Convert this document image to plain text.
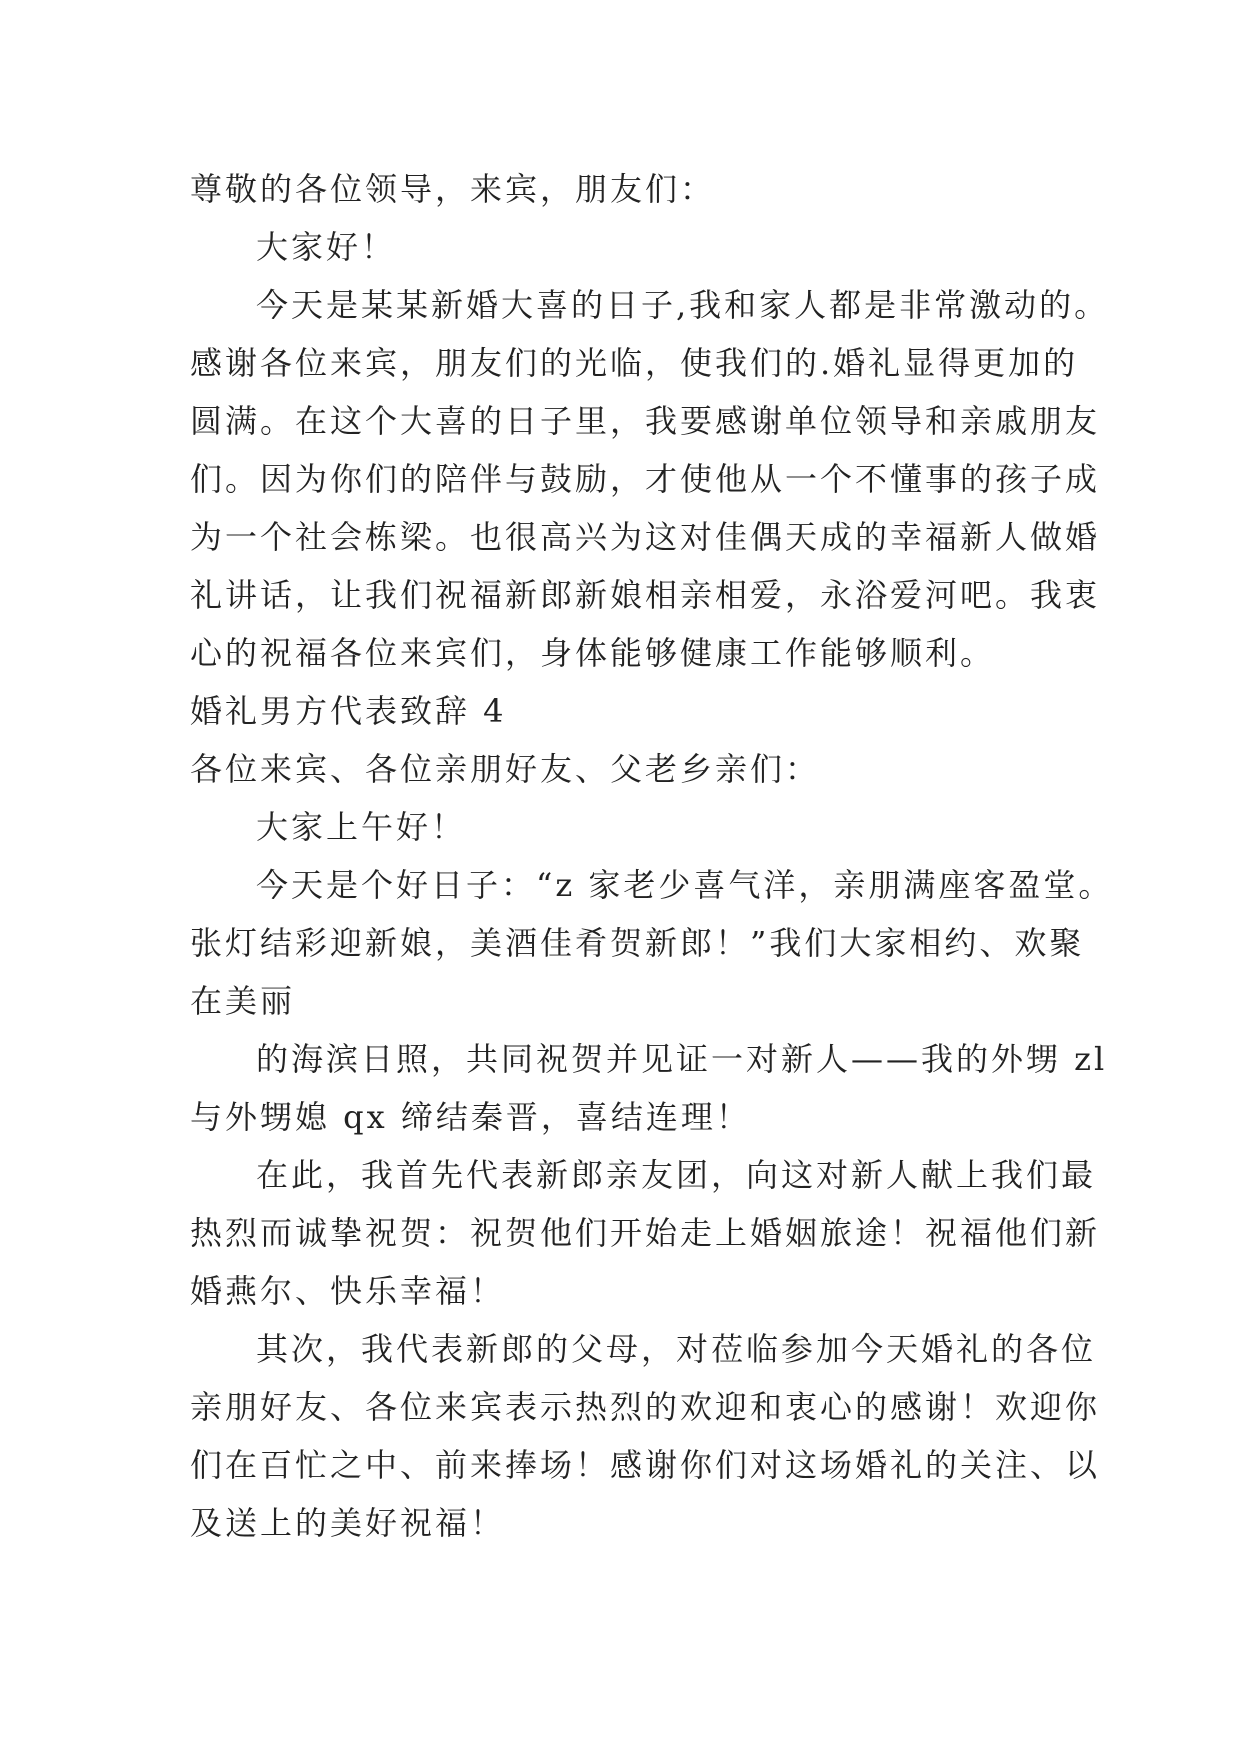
尊敬的各位领导，来宾，朋友们：
大家好！
今天是某某新婚大喜的日子,我和家人都是非常激动的。
感谢各位来宾，朋友们的光临，使我们的.婚礼显得更加的
圆满。在这个大喜的日子里，我要感谢单位领导和亲戚朋友
们。因为你们的陪伴与鼓励，才使他从一个不懂事的孩子成
为一个社会栋梁。也很高兴为这对佳偶天成的幸福新人做婚
礼讲话，让我们祝福新郎新娘相亲相爱，永浴爱河吧。我衷
心的祝福各位来宾们，身体能够健康工作能够顺利。
婚礼男方代表致辞 4
各位来宾、各位亲朋好友、父老乡亲们：
大家上午好！
今天是个好日子：“z 家老少喜气洋，亲朋满座客盈堂。
张灯结彩迎新娘，美酒佳肴贺新郎！”我们大家相约、欢聚
在美丽
的海滨日照，共同祝贺并见证一对新人——我的外甥 zl
与外甥媳 qx 缔结秦晋，喜结连理！
在此，我首先代表新郎亲友团，向这对新人献上我们最
热烈而诚挚祝贺：祝贺他们开始走上婚姻旅途！祝福他们新
婚燕尔、快乐幸福！
其次，我代表新郎的父母，对莅临参加今天婚礼的各位
亲朋好友、各位来宾表示热烈的欢迎和衷心的感谢！欢迎你
们在百忙之中、前来捧场！感谢你们对这场婚礼的关注、以
及送上的美好祝福！
